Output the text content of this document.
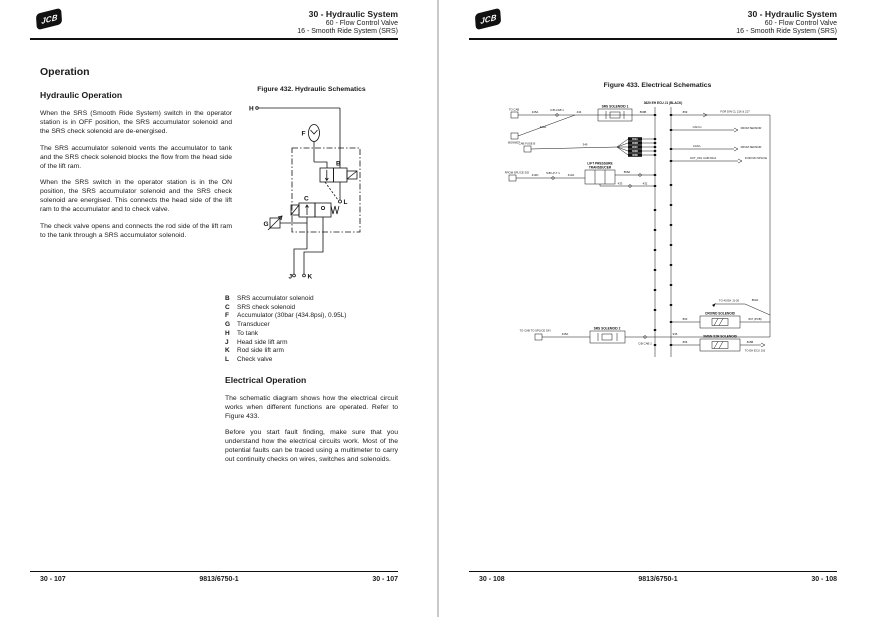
JCB	30 - Hydraulic System
60 - Flow Control Valve
16 - Smooth Ride System (SRS)
Operation
Hydraulic Operation

When the SRS (Smooth Ride System) switch in the operator station is in OFF position, the SRS accumulator solenoid and the SRS check solenoid are de-energised.

The SRS accumulator solenoid vents the accumulator to tank and the SRS check solenoid blocks the flow from the head side of the lift ram.

When the SRS switch in the operator station is in the ON position, the SRS accumulator solenoid and the SRS check solenoid are energised. This connects the head side of the lift ram to the accumulator and to check valve.

The check valve opens and connects the rod side of the lift ram to the tank through a SRS accumulator solenoid.

Figure 432. Hydraulic Schematics
H
F
B
C	L
G
J K
B	SRS accumulator solenoid
C	SRS check solenoid
F	Accumulator (30bar (434.8psi), 0.95L)
G	Transducer
H	To tank
J	Head side lift arm
K	Rod side lift arm
L	Check valve
Electrical Operation

The schematic diagram shows how the electrical circuit works when different functions are operated. Refer to Figure 433.

Before you start fault finding, make sure that you understand how the electrical circuits work. Most of the potential faults can be traced using a multimeter to carry out continuity checks on wires, switches and solenoids.

30 - 107	9813/6750-1	30 - 107
JCB	30 - Hydraulic System
60 - Flow Control Valve
16 - Smooth Ride System (SRS)
Figure 433. Electrical Schematics
3620 EH ECU J1 (BLACK)
SRS SOLENOID 1
TO CAB
435A	C/B-CAB 1	434	869B
BONNET
434A
CAB FUSE B	349
300A
300B
300C
300D
300E
LIFT PRESSURE
TRANSDUCER
FROM SPLICE S/D
413D	S/B LP-T 1	413A
868A
433	432
869	FOR DIN CL 216 & 217
CAN H	FROM SENSOR
CAN L	FROM SENSOR
OUT_DIG CAB DIG2	FOR DIN SPLICE
TO 40 EH J1-26	863A
CROWD SOLENOID
863	847 (PCB)
XMSN X2R SOLENOID
866	816B
TO EH ECU J16
TO CAB TO SPLICE S/N
435A
SRS SOLENOID 2
C/B CAB 2
935
30 - 108	9813/6750-1	30 - 108
